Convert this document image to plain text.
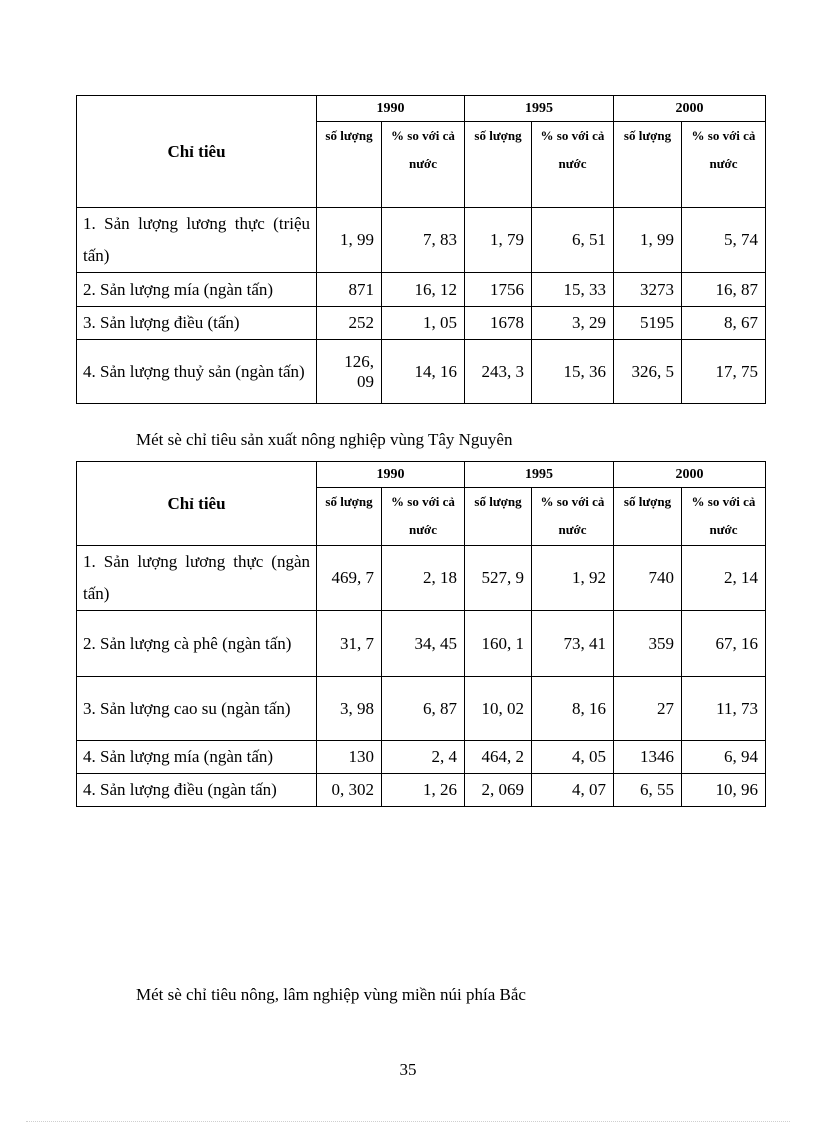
Chỉ tiêu	1990		1995		2000	
	số lượng	% so với cả nước	số lượng	% so với cả nước	số lượng	% so với cả nước
1. Sản lượng lương thực (triệu tấn)	1, 99	7, 83	1, 79	6, 51	1, 99	5, 74
2. Sản lượng mía (ngàn tấn)	871	16, 12	1756	15, 33	3273	16, 87
3. Sản lượng điều (tấn)	252	1, 05	1678	3, 29	5195	8, 67
4. Sản lượng thuỷ sản (ngàn tấn)	126, 09	14, 16	243, 3	15, 36	326, 5	17, 75
Mét sè chỉ tiêu sản xuất nông nghiệp vùng Tây Nguyên
Chỉ tiêu	1990		1995		2000	
	số lượng	% so với cả nước	số lượng	% so với cả nước	số lượng	% so với cả nước
1. Sản lượng lương thực (ngàn tấn)	469, 7	2, 18	527, 9	1, 92	740	2, 14
2. Sản lượng cà phê (ngàn tấn)	31, 7	34, 45	160, 1	73, 41	359	67, 16
3. Sản lượng cao su (ngàn tấn)	3, 98	6, 87	10, 02	8, 16	27	11, 73
4. Sản lượng mía (ngàn tấn)	130	2, 4	464, 2	4, 05	1346	6, 94
4. Sản lượng điều (ngàn tấn)	0, 302	1, 26	2, 069	4, 07	6, 55	10, 96
Mét sè chỉ tiêu nông, lâm nghiệp vùng miền núi phía Bắc
35
